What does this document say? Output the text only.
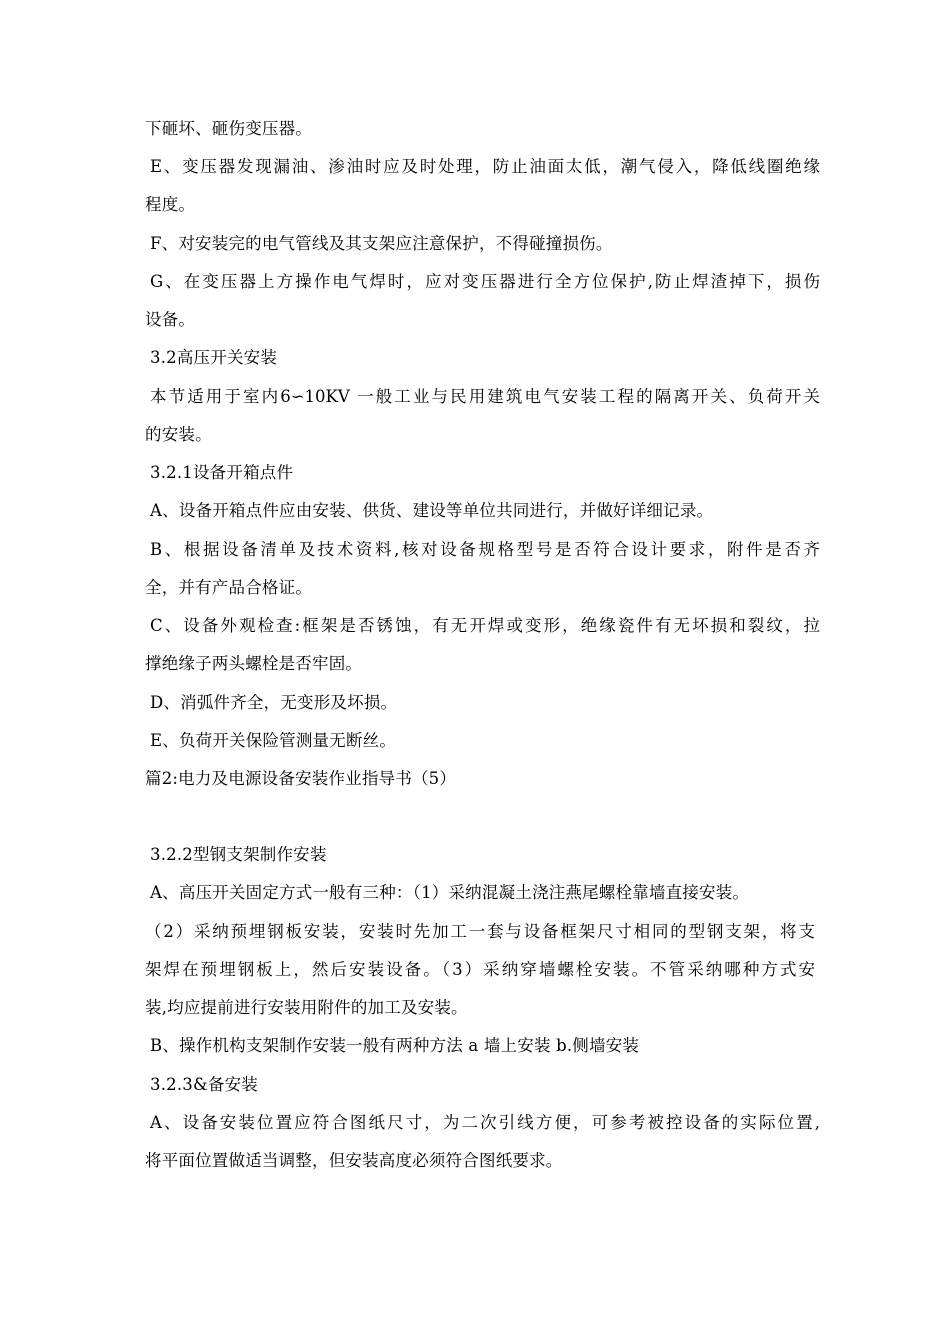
下砸坏、砸伤变压器。
E、变压器发现漏油、渗油时应及时处理，防止油面太低，潮气侵入，降低线圈绝缘
程度。
F、对安装完的电气管线及其支架应注意保护，不得碰撞损伤。
G、在变压器上方操作电气焊时，应对变压器进行全方位保护,防止焊渣掉下，损伤
设备。
3.2高压开关安装
本节适用于室内6∽10KV 一般工业与民用建筑电气安装工程的隔离开关、负荷开关
的安装。
3.2.1设备开箱点件
A、设备开箱点件应由安装、供货、建设等单位共同进行，并做好详细记录。
B、根据设备清单及技术资料,核对设备规格型号是否符合设计要求，附件是否齐
全，并有产品合格证。
C、设备外观检查:框架是否锈蚀，有无开焊或变形，绝缘瓷件有无坏损和裂纹，拉
撑绝缘子两头螺栓是否牢固。
D、消弧件齐全，无变形及坏损。
E、负荷开关保险管测量无断丝。
篇2:电力及电源设备安装作业指导书（5）
3.2.2型钢支架制作安装
A、高压开关固定方式一般有三种：（1）采纳混凝土浇注燕尾螺栓靠墙直接安装。
（2）采纳预埋钢板安装，安装时先加工一套与设备框架尺寸相同的型钢支架，将支
架焊在预埋钢板上，然后安装设备。（3）采纳穿墙螺栓安装。不管采纳哪种方式安
装,均应提前进行安装用附件的加工及安装。
B、操作机构支架制作安装一般有两种方法 a 墙上安装 b.侧墙安装
3.2.3&备安装
A、设备安装位置应符合图纸尺寸，为二次引线方便，可参考被控设备的实际位置,
将平面位置做适当调整，但安装高度必须符合图纸要求。
